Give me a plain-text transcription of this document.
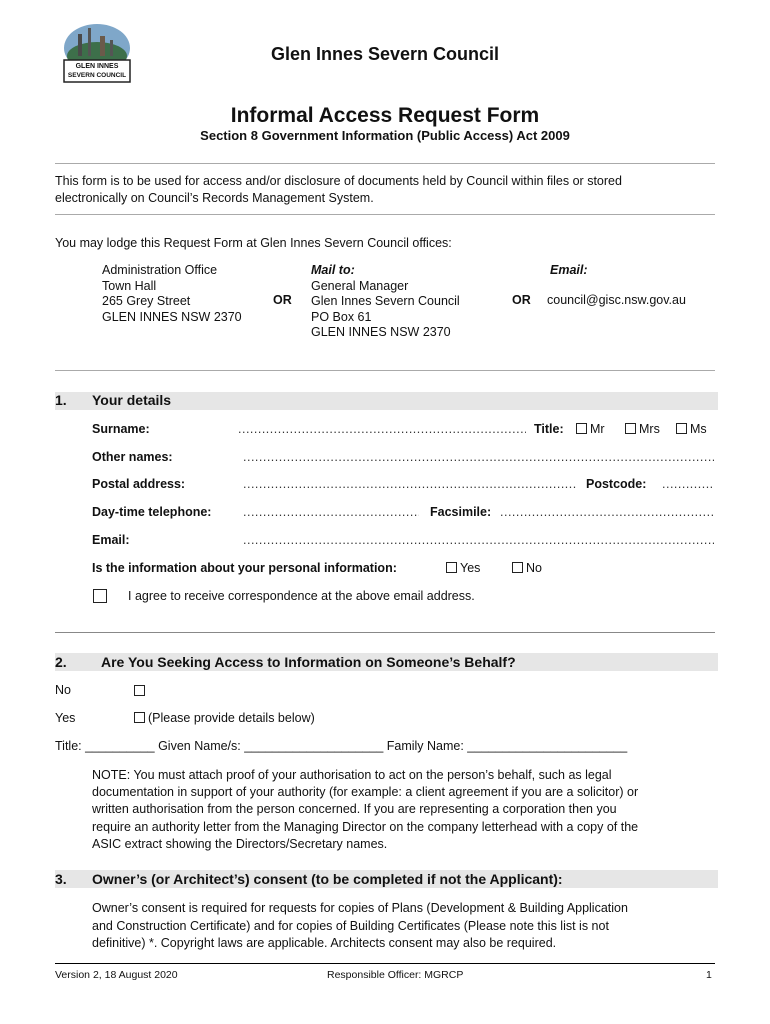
GLEN INNES
SEVERN COUNCIL
Glen Innes Severn Council
Informal Access Request Form
Section 8 Government Information (Public Access) Act 2009
This form is to be used for access and/or disclosure of documents held by Council within files or stored
electronically on Council’s Records Management System.
You may lodge this Request Form at Glen Innes Severn Council offices:
Administration Office
Town Hall
265 Grey Street
GLEN INNES NSW 2370
OR
Mail to:
General Manager
Glen Innes Severn Council
PO Box 61
GLEN INNES NSW 2370
OR
Email:
council@gisc.nsw.gov.au
1. Your details
Surname: .....	Title:	Mr	Mrs	Ms
Other names:
.....
Postal address: .....	Postcode:
.....
Day-time telephone: .....	Facsimile:
.....
Email:
.....
Is the information about your personal information:	Yes	No
I agree to receive correspondence at the above email address.
2. Are You Seeking Access to Information on Someone’s Behalf?
No
Yes	(Please provide details below)
Title: __________ Given Name/s: ____________________ Family Name: _______________________
NOTE: You must attach proof of your authorisation to act on the person’s behalf, such as legal
documentation in support of your authority (for example: a client agreement if you are a solicitor) or
written authorisation from the person concerned. If you are representing a corporation then you
require an authority letter from the Managing Director on the company letterhead with a copy of the
ASIC extract showing the Directors/Secretary names.
3. Owner’s (or Architect’s) consent (to be completed if not the Applicant):
Owner’s consent is required for requests for copies of Plans (Development & Building Application
and Construction Certificate) and for copies of Building Certificates (Please note this list is not
definitive) *. Copyright laws are applicable. Architects consent may also be required.
Version 2, 18 August 2020	Responsible Officer: MGRCP	1
